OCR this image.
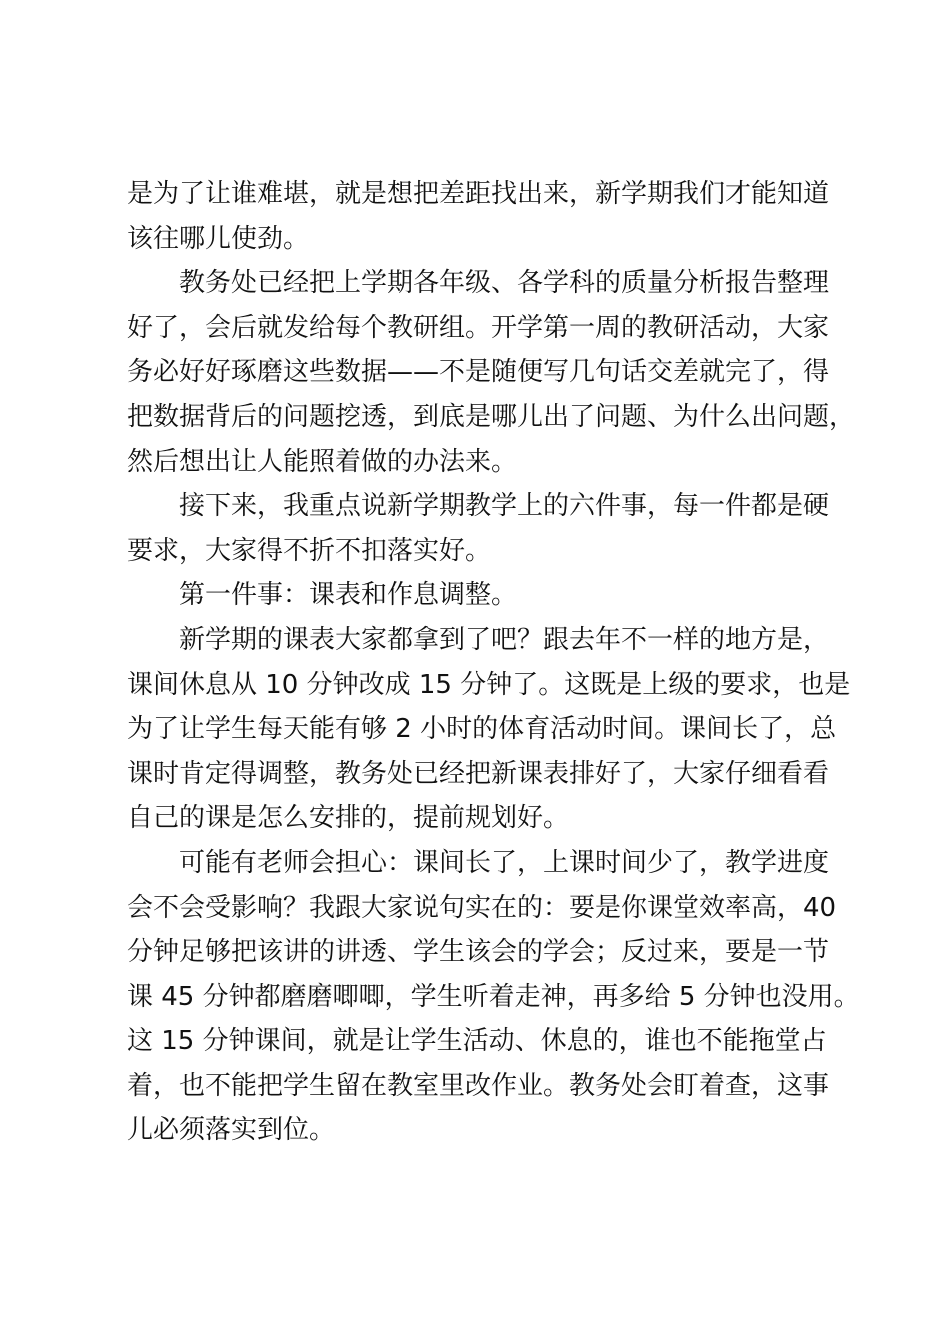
是为了让谁难堪，就是想把差距找出来，新学期我们才能知道
该往哪儿使劲。
教务处已经把上学期各年级、各学科的质量分析报告整理
好了，会后就发给每个教研组。开学第一周的教研活动，大家
务必好好琢磨这些数据——不是随便写几句话交差就完了，得
把数据背后的问题挖透，到底是哪儿出了问题、为什么出问题，
然后想出让人能照着做的办法来。
接下来，我重点说新学期教学上的六件事，每一件都是硬
要求，大家得不折不扣落实好。
第一件事：课表和作息调整。
新学期的课表大家都拿到了吧？跟去年不一样的地方是，
课间休息从 10 分钟改成 15 分钟了。这既是上级的要求，也是
为了让学生每天能有够 2 小时的体育活动时间。课间长了，总
课时肯定得调整，教务处已经把新课表排好了，大家仔细看看
自己的课是怎么安排的，提前规划好。
可能有老师会担心：课间长了，上课时间少了，教学进度
会不会受影响？我跟大家说句实在的：要是你课堂效率高，40
分钟足够把该讲的讲透、学生该会的学会；反过来，要是一节
课 45 分钟都磨磨唧唧，学生听着走神，再多给 5 分钟也没用。
这 15 分钟课间，就是让学生活动、休息的，谁也不能拖堂占
着，也不能把学生留在教室里改作业。教务处会盯着查，这事
儿必须落实到位。
